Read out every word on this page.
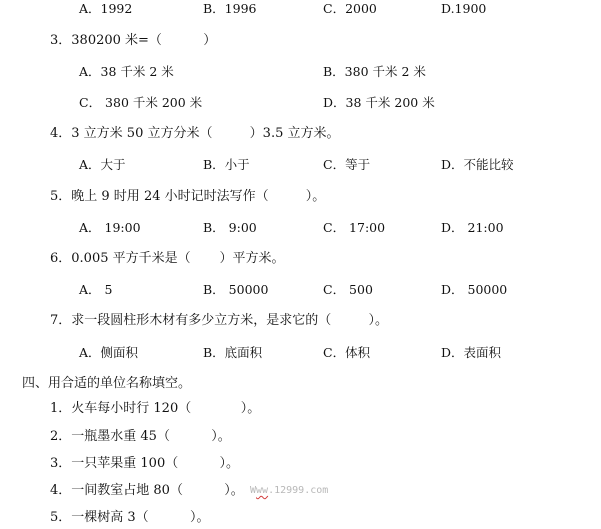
A．1992	B．1996	C．2000	D.1900
3．380200 米=（          ）
A．38 千米 2 米	B．380 千米 2 米
C． 380 千米 200 米	D．38 千米 200 米
4．3 立方米 50 立方分米（         ）3.5 立方米。
A．大于	B．小于	C．等于	D．不能比较
5．晚上 9 时用 24 小时记时法写作（         ）。
A． 19:00	B． 9:00	C． 17:00	D． 21:00
6．0.005 平方千米是（       ）平方米。
A． 5	B． 50000	C． 500	D． 50000
7．求一段圆柱形木材有多少立方米，是求它的（         ）。
A．侧面积	B．底面积	C．体积	D．表面积
四、用合适的单位名称填空。
1．火车每小时行 120（            ）。
2．一瓶墨水重 45（          ）。
3．一只苹果重 100（          ）。
4．一间教室占地 80（          ）。
5．一棵树高 3（          ）。
Www.12999.com
